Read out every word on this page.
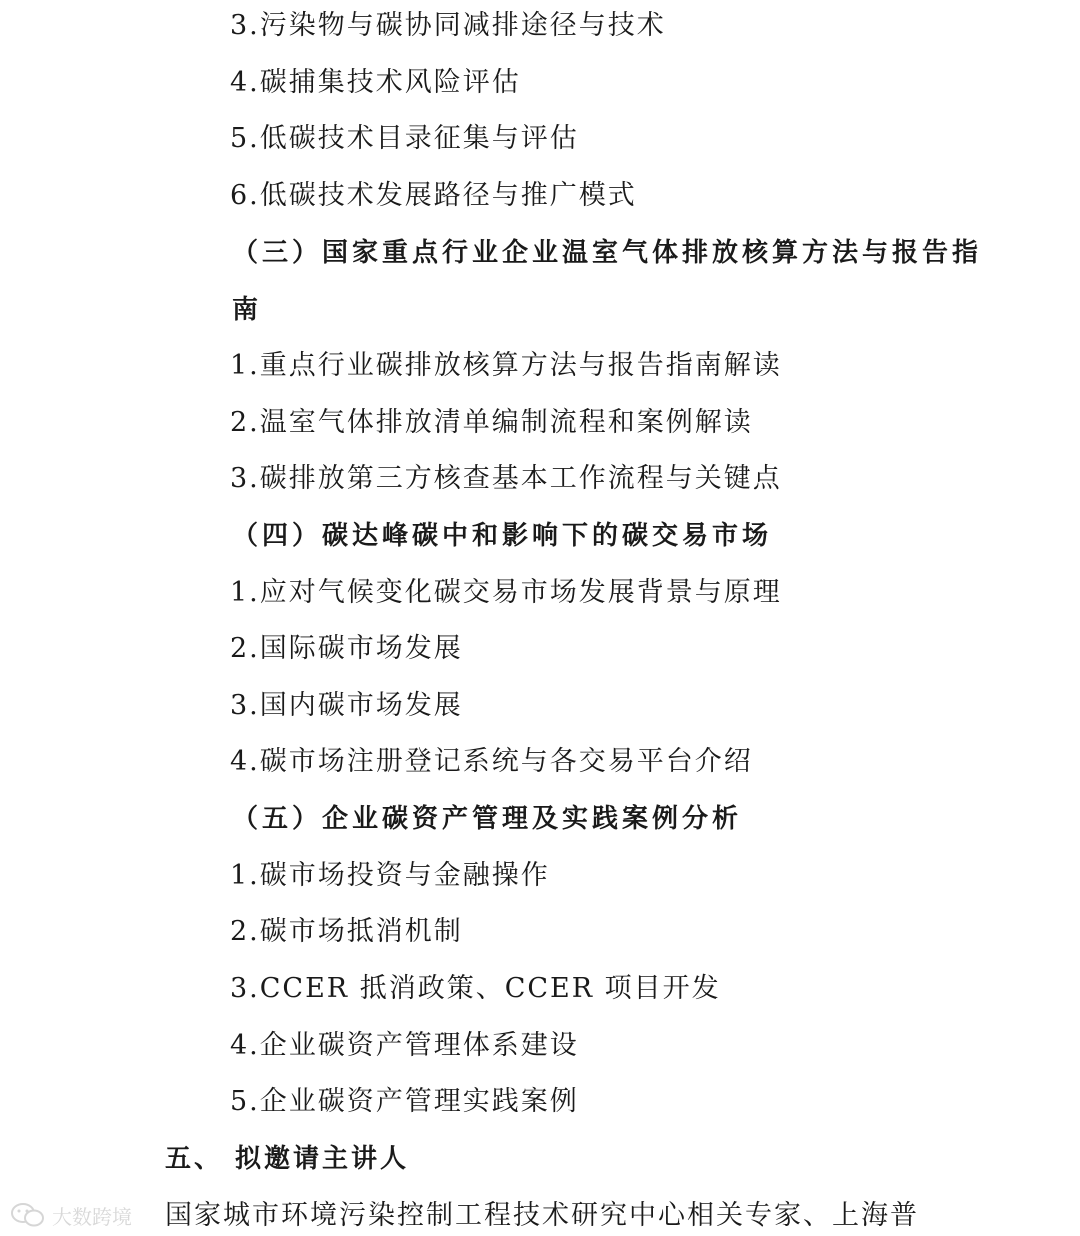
3.污染物与碳协同减排途径与技术
4.碳捕集技术风险评估
5.低碳技术目录征集与评估
6.低碳技术发展路径与推广模式
（三）国家重点行业企业温室气体排放核算方法与报告指
南
1.重点行业碳排放核算方法与报告指南解读
2.温室气体排放清单编制流程和案例解读
3.碳排放第三方核查基本工作流程与关键点
（四）碳达峰碳中和影响下的碳交易市场
1.应对气候变化碳交易市场发展背景与原理
2.国际碳市场发展
3.国内碳市场发展
4.碳市场注册登记系统与各交易平台介绍
（五）企业碳资产管理及实践案例分析
1.碳市场投资与金融操作
2.碳市场抵消机制
3.CCER 抵消政策、CCER 项目开发
4.企业碳资产管理体系建设
5.企业碳资产管理实践案例
五、 拟邀请主讲人
国家城市环境污染控制工程技术研究中心相关专家、上海普
大数跨境
